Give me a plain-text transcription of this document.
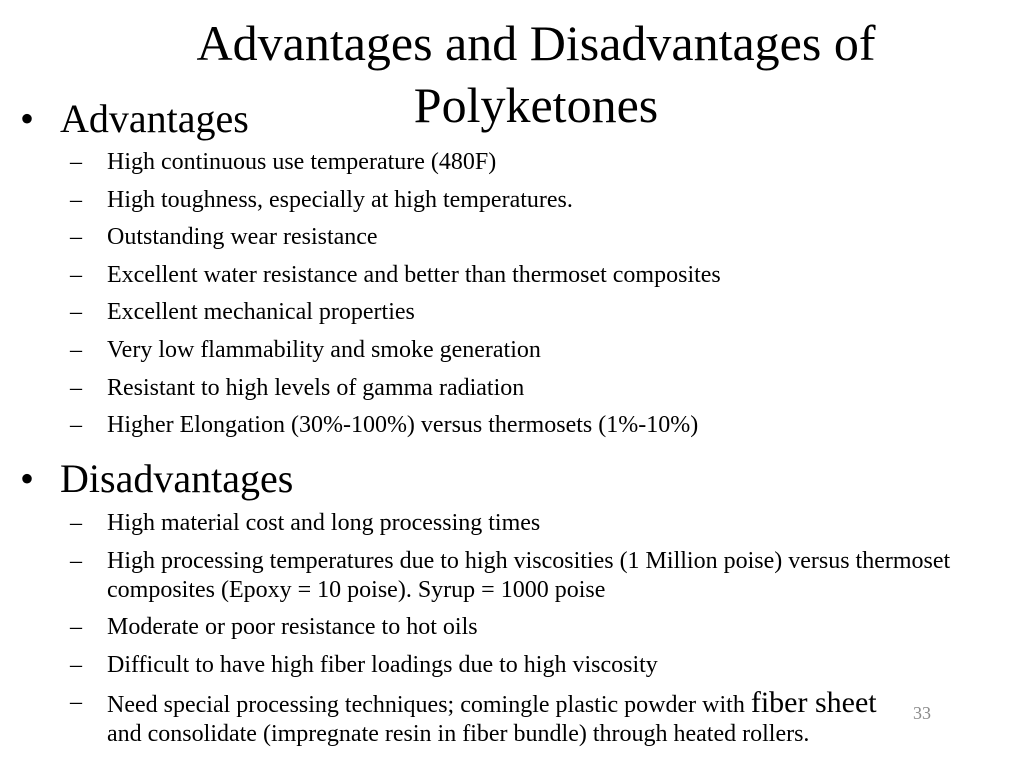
Advantages and Disadvantages of Polyketones
• Advantages
– High continuous use temperature (480F)
– High toughness, especially at high temperatures.
– Outstanding wear resistance
– Excellent water resistance and better than thermoset composites
– Excellent mechanical properties
– Very low flammability and smoke generation
– Resistant to high levels of gamma radiation
– Higher Elongation (30%-100%) versus thermosets (1%-10%)
• Disadvantages
– High material cost and long processing times
– High processing temperatures due to high viscosities (1 Million poise) versus thermoset composites (Epoxy = 10 poise). Syrup = 1000 poise
– Moderate or poor resistance to hot oils
– Difficult to have high fiber loadings due to high viscosity
– Need special processing techniques; comingle plastic powder with fiber sheet
and consolidate (impregnate resin in fiber bundle) through heated rollers.
33
